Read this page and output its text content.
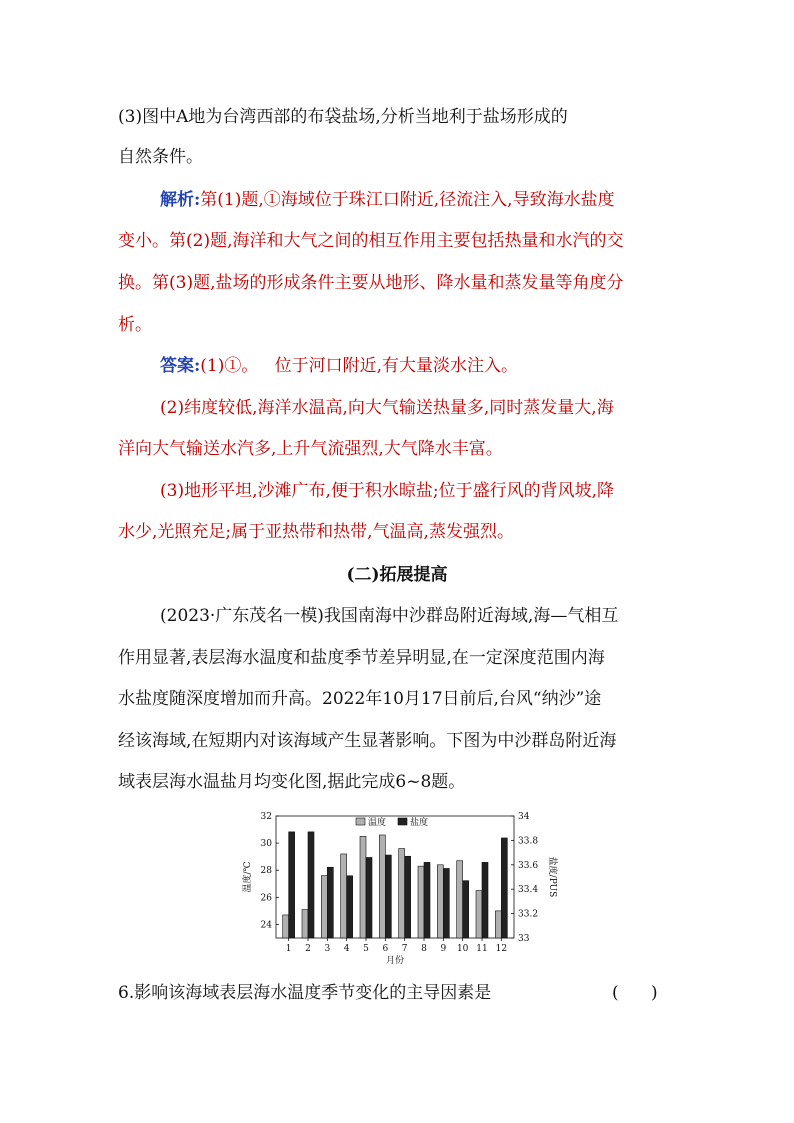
(3)图中A地为台湾西部的布袋盐场,分析当地利于盐场形成的
自然条件。
解析:第(1)题,①海域位于珠江口附近,径流注入,导致海水盐度
变小。第(2)题,海洋和大气之间的相互作用主要包括热量和水汽的交
换。第(3)题,盐场的形成条件主要从地形、降水量和蒸发量等角度分
析。
答案:(1)①。   位于河口附近,有大量淡水注入。
(2)纬度较低,海洋水温高,向大气输送热量多,同时蒸发量大,海
洋向大气输送水汽多,上升气流强烈,大气降水丰富。
(3)地形平坦,沙滩广布,便于积水晾盐;位于盛行风的背风坡,降
水少,光照充足;属于亚热带和热带,气温高,蒸发强烈。
(二)拓展提高
(2023·广东茂名一模)我国南海中沙群岛附近海域,海—气相互
作用显著,表层海水温度和盐度季节差异明显,在一定深度范围内海
水盐度随深度增加而升高。2022年10月17日前后,台风“纳沙”途
经该海域,在短期内对该海域产生显著影响。下图为中沙群岛附近海
域表层海水温盐月均变化图,据此完成6~8题。
24
26
28
30
32
33
33.2
33.4
33.6
33.8
34
1 2 3 4 5 6 7 8 9 10 11 12
月份
温度/℃	盐度/PUS
温度	盐度
6.影响该海域表层海水温度季节变化的主导因素是	(      )
